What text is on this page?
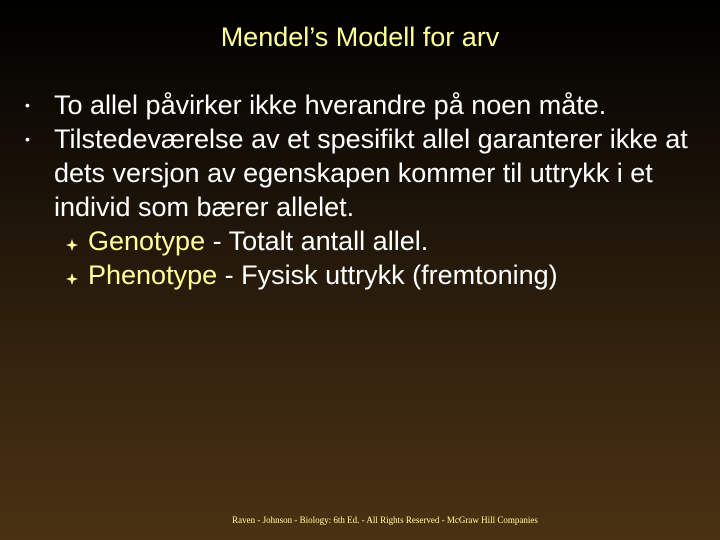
Mendel’s Modell for arv
• To allel påvirker ikke hverandre på noen måte.
• Tilstedeværelse av et spesifikt allel garanterer ikke at dets versjon av egenskapen kommer til uttrykk i et individ som bærer allelet.
Genotype - Totalt antall allel.
Phenotype - Fysisk uttrykk (fremtoning)
Raven - Johnson - Biology: 6th Ed. - All Rights Reserved - McGraw Hill Companies
